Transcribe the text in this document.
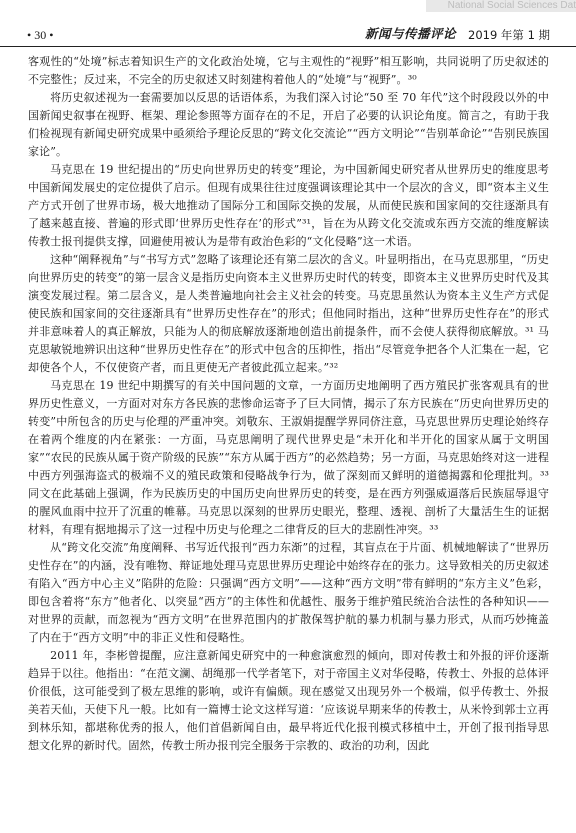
National Social Sciences Dat
• 30 •	新闻与传播评论 2019 年第 1 期

客观性的“处境”标志着知识生产的文化政治处境，它与主观性的“视野”相互影响，共同说明了历史叙述的不完整性；反过来，不完全的历史叙述又时刻建构着他人的“处境”与“视野”。³⁰

将历史叙述视为一套需要加以反思的话语体系，为我们深入讨论“50 至 70 年代”这个时段段以外的中国新闻史叙事在视野、框架、理论参照等方面存在的不足，开启了必要的认识论角度。简言之，有助于我们检视现有新闻史研究成果中亟须给予理论反思的“跨文化交流论”“西方文明论”“告别革命论”“告别民族国家论”。

马克思在 19 世纪提出的“历史向世界历史的转变”理论，为中国新闻史研究者从世界历史的维度思考中国新闻发展史的定位提供了启示。但现有成果往往过度强调该理论其中一个层次的含义，即“资本主义生产方式开创了世界市场，极大地推动了国际分工和国际交换的发展，从而使民族和国家间的交往逐渐具有了越来越直接、普遍的形式即‘世界历史性存在’的形式”³¹，旨在为从跨文化交流或东西方交流的维度解读传教士报刊提供支撑，回避使用被认为是带有政治色彩的“文化侵略”这一术语。

这种“阐释视角”与“书写方式”忽略了该理论还有第二层次的含义。叶显明指出，在马克思那里，“历史向世界历史的转变”的第一层含义是指历史向资本主义世界历史时代的转变，即资本主义世界历史时代及其演变发展过程。第二层含义，是人类普遍地向社会主义社会的转变。马克思虽然认为资本主义生产方式促使民族和国家间的交往逐渐具有“世界历史性存在”的形式；但他同时指出，这种“世界历史性存在”的形式并非意味着人的真正解放，只能为人的彻底解放逐渐地创造出前提条件，而不会使人获得彻底解放。³¹ 马克思敏锐地辨识出这种“世界历史性存在”的形式中包含的压抑性，指出“尽管竞争把各个人汇集在一起，它却使各个人，不仅使资产者，而且更使无产者彼此孤立起来。”³²

马克思在 19 世纪中期撰写的有关中国问题的文章，一方面历史地阐明了西方殖民扩张客观具有的世界历史性意义，一方面对对东方各民族的悲惨命运寄予了巨大同情，揭示了东方民族在“历史向世界历史的转变”中所包含的历史与伦理的严重冲突。刘敬东、王淑娟提醒学界同侪注意，马克思世界历史理论始终存在着两个维度的内在紧张：一方面，马克思阐明了现代世界史是“未开化和半开化的国家从属于文明国家”“农民的民族从属于资产阶级的民族”“东方从属于西方”的必然趋势；另一方面，马克思始终对这一进程中西方列强海盗式的极端不义的殖民政策和侵略战争行为，做了深刻而又鲜明的道德揭露和伦理批判。³³ 同文在此基础上强调，作为民族历史的中国历史向世界历史的转变，是在西方列强威逼落后民族屈辱退守的腥风血雨中拉开了沉重的帷幕。马克思以深刻的世界历史眼光，整理、透视、剖析了大量活生生的证据材料，有理有据地揭示了这一过程中历史与伦理之二律背反的巨大的悲剧性冲突。³³

从“跨文化交流”角度阐释、书写近代报刊“西力东渐”的过程，其盲点在于片面、机械地解读了“世界历史性存在”的内涵，没有唯物、辩证地处理马克思世界历史理论中始终存在的张力。这导致相关的历史叙述有陷入“西方中心主义”陷阱的危险：只强调“西方文明”——这种“西方文明”带有鲜明的“东方主义”色彩，即包含着将“东方”他者化、以突显“西方”的主体性和优越性、服务于维护殖民统治合法性的各种知识——对世界的贡献，而忽视为“西方文明”在世界范围内的扩散保驾护航的暴力机制与暴力形式，从而巧妙掩盖了内在于“西方文明”中的非正义性和侵略性。

2011 年，李彬曾提醒，应注意新闻史研究中的一种愈演愈烈的倾向，即对传教士和外报的评价逐渐趋异于以往。他指出：“在范文澜、胡绳那一代学者笔下，对于帝国主义对华侵略，传教士、外报的总体评价很低，这可能受到了极左思维的影响，或许有偏颇。现在感觉又出现另外一个极端，似乎传教士、外报美若天仙，天使下凡一般。比如有一篇博士论文这样写道：‘应该说早期来华的传教士，从米怜到郭士立再到林乐知，都堪称优秀的报人，他们首倡新闻自由，最早将近代化报刊模式移植中土，开创了报刊指导思想文化界的新时代。固然，传教士所办报刊完全服务于宗教的、政治的功利，因此
